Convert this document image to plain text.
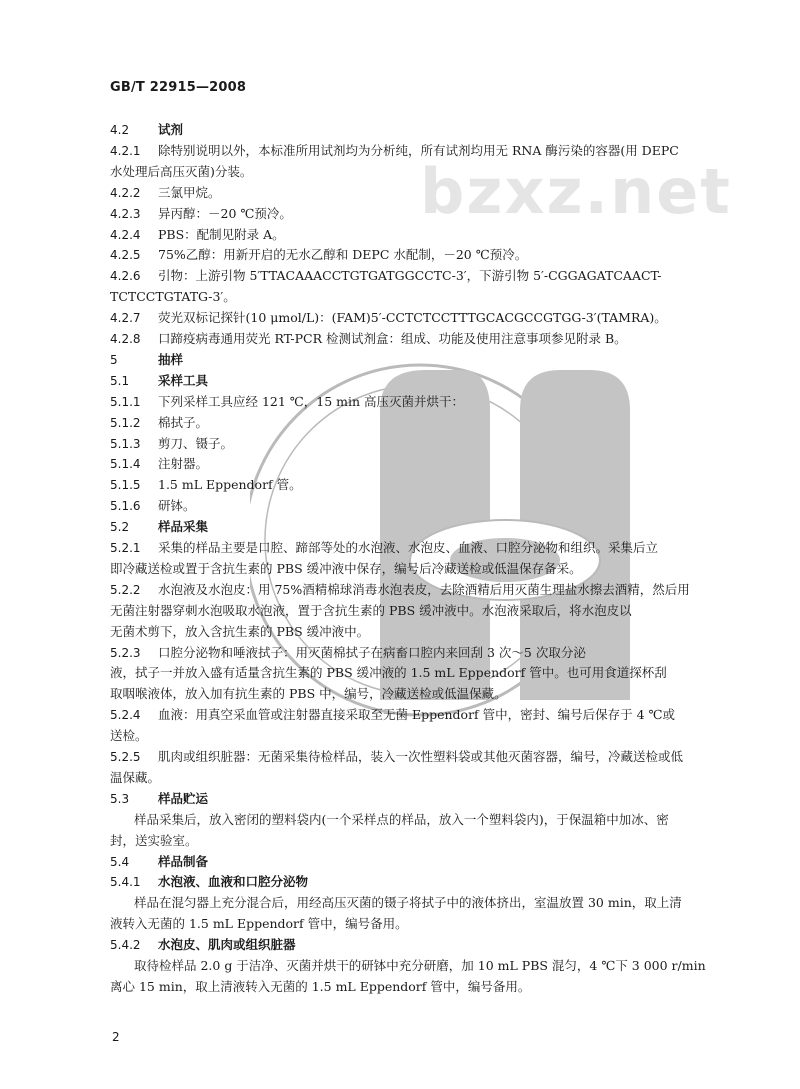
GB/T 22915—2008
bzxz.net
4.2 试剂
4.2.1 除特别说明以外，本标准所用试剂均为分析纯，所有试剂均用无 RNA 酶污染的容器(用 DEPC
水处理后高压灭菌)分装。
4.2.2 三氯甲烷。
4.2.3 异丙醇：－20 ℃预冷。
4.2.4 PBS：配制见附录 A。
4.2.5 75%乙醇：用新开启的无水乙醇和 DEPC 水配制，－20 ℃预冷。
4.2.6 引物：上游引物 5′TTACAAACCTGTGATGGCCTC-3′，下游引物 5′-CGGAGATCAACT-
TCTCCTGTATG-3′。
4.2.7 荧光双标记探针(10 μmol/L)：(FAM)5′-CCTCTCCTTTGCACGCCGTGG-3′(TAMRA)。
4.2.8 口蹄疫病毒通用荧光 RT-PCR 检测试剂盒：组成、功能及使用注意事项参见附录 B。
5	抽样
5.1 采样工具
5.1.1 下列采样工具应经 121 ℃，15 min 高压灭菌并烘干：
5.1.2 棉拭子。
5.1.3 剪刀、镊子。
5.1.4 注射器。
5.1.5 1.5 mL Eppendorf 管。
5.1.6 研钵。
5.2 样品采集
5.2.1 采集的样品主要是口腔、蹄部等处的水泡液、水泡皮、血液、口腔分泌物和组织。采集后立
即冷藏送检或置于含抗生素的 PBS 缓冲液中保存，编号后冷藏送检或低温保存备采。
5.2.2 水泡液及水泡皮：用 75%酒精棉球消毒水泡表皮，去除酒精后用灭菌生理盐水擦去酒精，然后用
无菌注射器穿刺水泡吸取水泡液，置于含抗生素的 PBS 缓冲液中。水泡液采取后，将水泡皮以
无菌术剪下，放入含抗生素的 PBS 缓冲液中。
5.2.3 口腔分泌物和唾液拭子：用灭菌棉拭子在病畜口腔内来回刮 3 次～5 次取分泌
液，拭子一并放入盛有适量含抗生素的 PBS 缓冲液的 1.5 mL Eppendorf 管中。也可用食道探杯刮
取咽喉液体，放入加有抗生素的 PBS 中，编号，冷藏送检或低温保藏。
5.2.4 血液：用真空采血管或注射器直接采取至无菌 Eppendorf 管中，密封、编号后保存于 4 ℃或
送检。
5.2.5 肌肉或组织脏器：无菌采集待检样品，装入一次性塑料袋或其他灭菌容器，编号，冷藏送检或低
温保藏。
5.3 样品贮运
样品采集后，放入密闭的塑料袋内(一个采样点的样品，放入一个塑料袋内)，于保温箱中加冰、密
封，送实验室。
5.4 样品制备
5.4.1 水泡液、血液和口腔分泌物
样品在混匀器上充分混合后，用经高压灭菌的镊子将拭子中的液体挤出，室温放置 30 min，取上清
液转入无菌的 1.5 mL Eppendorf 管中，编号备用。
5.4.2 水泡皮、肌肉或组织脏器
取待检样品 2.0 g 于洁净、灭菌并烘干的研钵中充分研磨，加 10 mL PBS 混匀，4 ℃下 3 000 r/min
离心 15 min，取上清液转入无菌的 1.5 mL Eppendorf 管中，编号备用。
2
